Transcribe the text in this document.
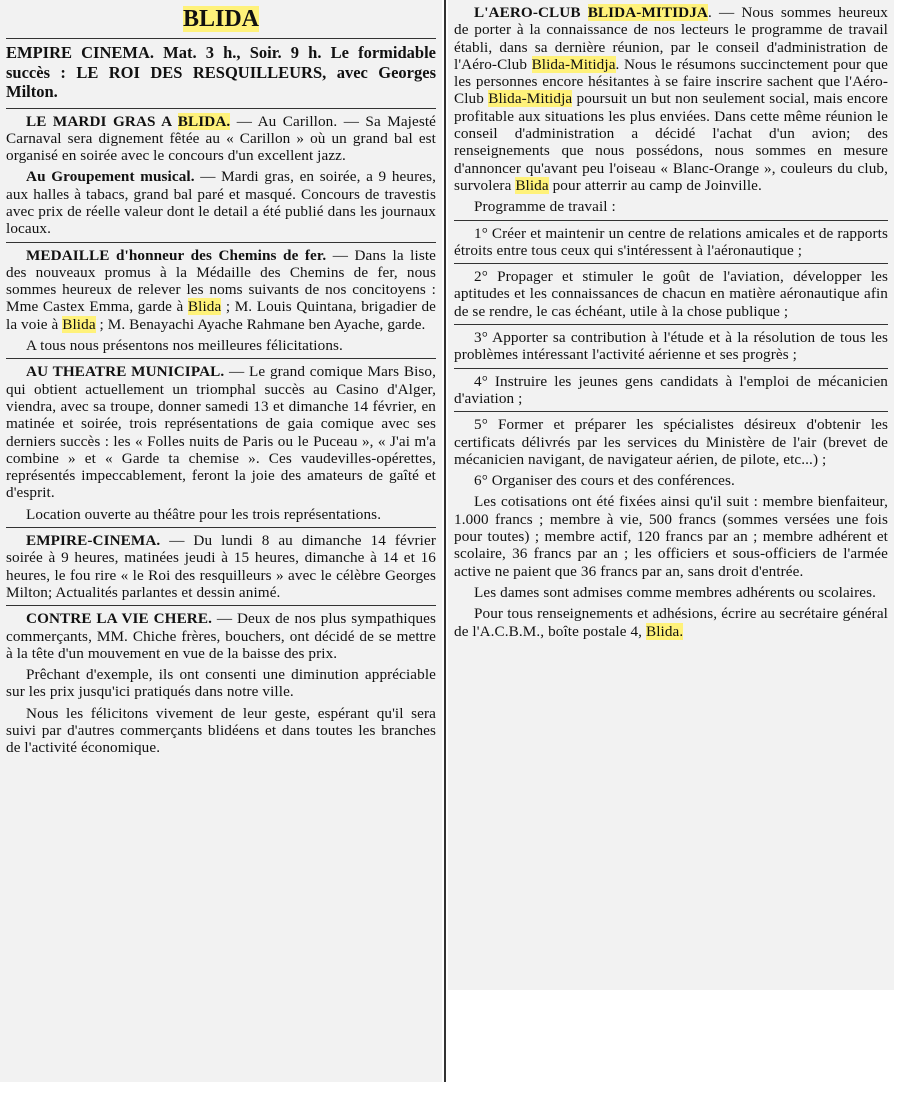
BLIDA

EMPIRE CINEMA. Mat. 3 h., Soir. 9 h. Le formidable succès : LE ROI DES RESQUILLEURS, avec Georges Milton.

LE MARDI GRAS A BLIDA. — Au Carillon. — Sa Majesté Carnaval sera dignement fêtée au « Carillon » où un grand bal est organisé en soirée avec le concours d'un excellent jazz.

Au Groupement musical. — Mardi gras, en soirée, a 9 heures, aux halles à tabacs, grand bal paré et masqué. Concours de travestis avec prix de réelle valeur dont le detail a été publié dans les journaux locaux.

MEDAILLE d'honneur des Chemins de fer. — Dans la liste des nouveaux promus à la Médaille des Chemins de fer, nous sommes heureux de relever les noms suivants de nos concitoyens : Mme Castex Emma, garde à Blida ; M. Louis Quintana, brigadier de la voie à Blida ; M. Benayachi Ayache Rahmane ben Ayache, garde.

A tous nous présentons nos meilleures félicitations.

AU THEATRE MUNICIPAL. — Le grand comique Mars Biso, qui obtient actuellement un triomphal succès au Casino d'Alger, viendra, avec sa troupe, donner samedi 13 et dimanche 14 février, en matinée et soirée, trois représentations de gaia comique avec ses derniers succès : les « Folles nuits de Paris ou le Puceau », « J'ai m'a combine » et « Garde ta chemise ». Ces vaudevilles-opérettes, représentés impeccablement, feront la joie des amateurs de gaîté et d'esprit.

Location ouverte au théâtre pour les trois représentations.

EMPIRE-CINEMA. — Du lundi 8 au dimanche 14 février soirée à 9 heures, matinées jeudi à 15 heures, dimanche à 14 et 16 heures, le fou rire « le Roi des resquilleurs » avec le célèbre Georges Milton; Actualités parlantes et dessin animé.

CONTRE LA VIE CHERE. — Deux de nos plus sympathiques commerçants, MM. Chiche frères, bouchers, ont décidé de se mettre à la tête d'un mouvement en vue de la baisse des prix.

Prêchant d'exemple, ils ont consenti une diminution appréciable sur les prix jusqu'ici pratiqués dans notre ville.

Nous les félicitons vivement de leur geste, espérant qu'il sera suivi par d'autres commerçants blidéens et dans toutes les branches de l'activité économique.

L'AERO-CLUB BLIDA-MITIDJA. — Nous sommes heureux de porter à la connaissance de nos lecteurs le programme de travail établi, dans sa dernière réunion, par le conseil d'administration de l'Aéro-Club Blida-Mitidja. Nous le résumons succinctement pour que les personnes encore hésitantes à se faire inscrire sachent que l'Aéro-Club Blida-Mitidja poursuit un but non seulement social, mais encore profitable aux situations les plus enviées. Dans cette même réunion le conseil d'administration a décidé l'achat d'un avion; des renseignements que nous possédons, nous sommes en mesure d'annoncer qu'avant peu l'oiseau « Blanc-Orange », couleurs du club, survolera Blida pour atterrir au camp de Joinville.

Programme de travail :

1° Créer et maintenir un centre de relations amicales et de rapports étroits entre tous ceux qui s'intéressent à l'aéronautique ;

2° Propager et stimuler le goût de l'aviation, développer les aptitudes et les connaissances de chacun en matière aéronautique afin de se rendre, le cas échéant, utile à la chose publique ;

3° Apporter sa contribution à l'étude et à la résolution de tous les problèmes intéressant l'activité aérienne et ses progrès ;

4° Instruire les jeunes gens candidats à l'emploi de mécanicien d'aviation ;

5° Former et préparer les spécialistes désireux d'obtenir les certificats délivrés par les services du Ministère de l'air (brevet de mécanicien navigant, de navigateur aérien, de pilote, etc...) ;

6° Organiser des cours et des conférences.

Les cotisations ont été fixées ainsi qu'il suit : membre bienfaiteur, 1.000 francs ; membre à vie, 500 francs (sommes versées une fois pour toutes) ; membre actif, 120 francs par an ; membre adhérent et scolaire, 36 francs par an ; les officiers et sous-officiers de l'armée active ne paient que 36 francs par an, sans droit d'entrée.

Les dames sont admises comme membres adhérents ou scolaires.

Pour tous renseignements et adhésions, écrire au secrétaire général de l'A.C.B.M., boîte postale 4, Blida.
